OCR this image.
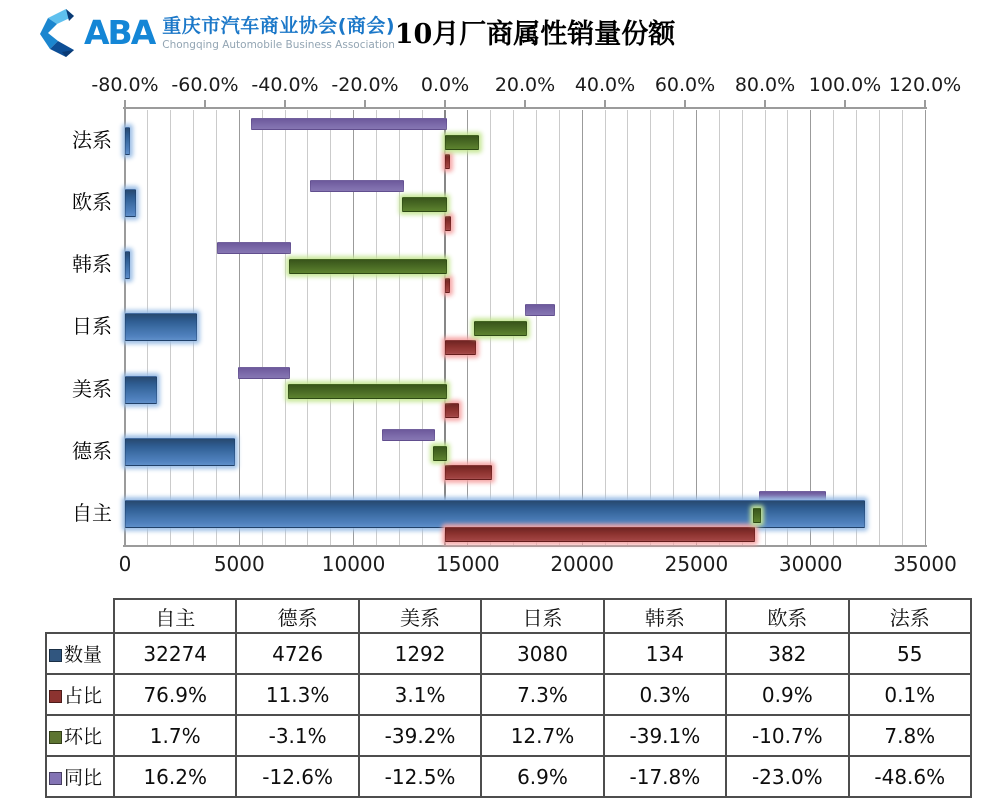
ABA 重庆市汽车商业协会(商会)
Chongqing Automobile Business Association 10月厂商属性销量份额
-80.0% -60.0% -40.0% -20.0%	0.0%	20.0%	40.0%	60.0%	80.0% 100.0% 120.0%
0	5000	10000	15000	20000	25000	30000	35000
法系
欧系
韩系
日系
美系
德系
自主
	自主	德系	美系	日系	韩系	欧系	法系
数量	32274	4726	1292	3080	134	382	55
占比	76.9%	11.3%	3.1%	7.3%	0.3%	0.9%	0.1%
环比	1.7%	-3.1%	-39.2%	12.7%	-39.1%	-10.7%	7.8%
同比	16.2%	-12.6%	-12.5%	6.9%	-17.8%	-23.0%	-48.6%
